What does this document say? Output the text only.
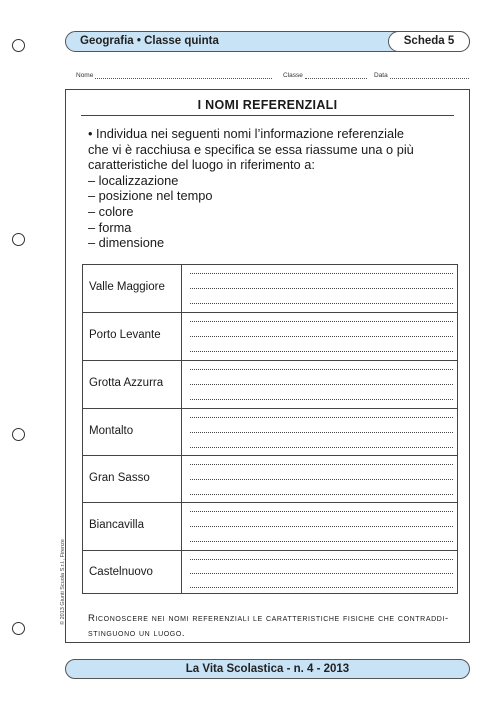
Geografia • Classe quinta	Scheda 5
Nome	Classe	Data
I NOMI REFERENZIALI
• Individua nei seguenti nomi l’informazione referenziale
che vi è racchiusa e specifica se essa riassume una o più
caratteristiche del luogo in riferimento a:
– localizzazione
– posizione nel tempo
– colore
– forma
– dimensione
Valle Maggiore
Porto Levante
Grotta Azzurra
Montalto
Gran Sasso
Biancavilla
Castelnuovo
Riconoscere nei nomi referenziali le caratteristiche fisiche che contraddi-
stinguono un luogo.
© 2013 Giunti Scuola S.r.l., Firenze
La Vita Scolastica - n. 4 - 2013
